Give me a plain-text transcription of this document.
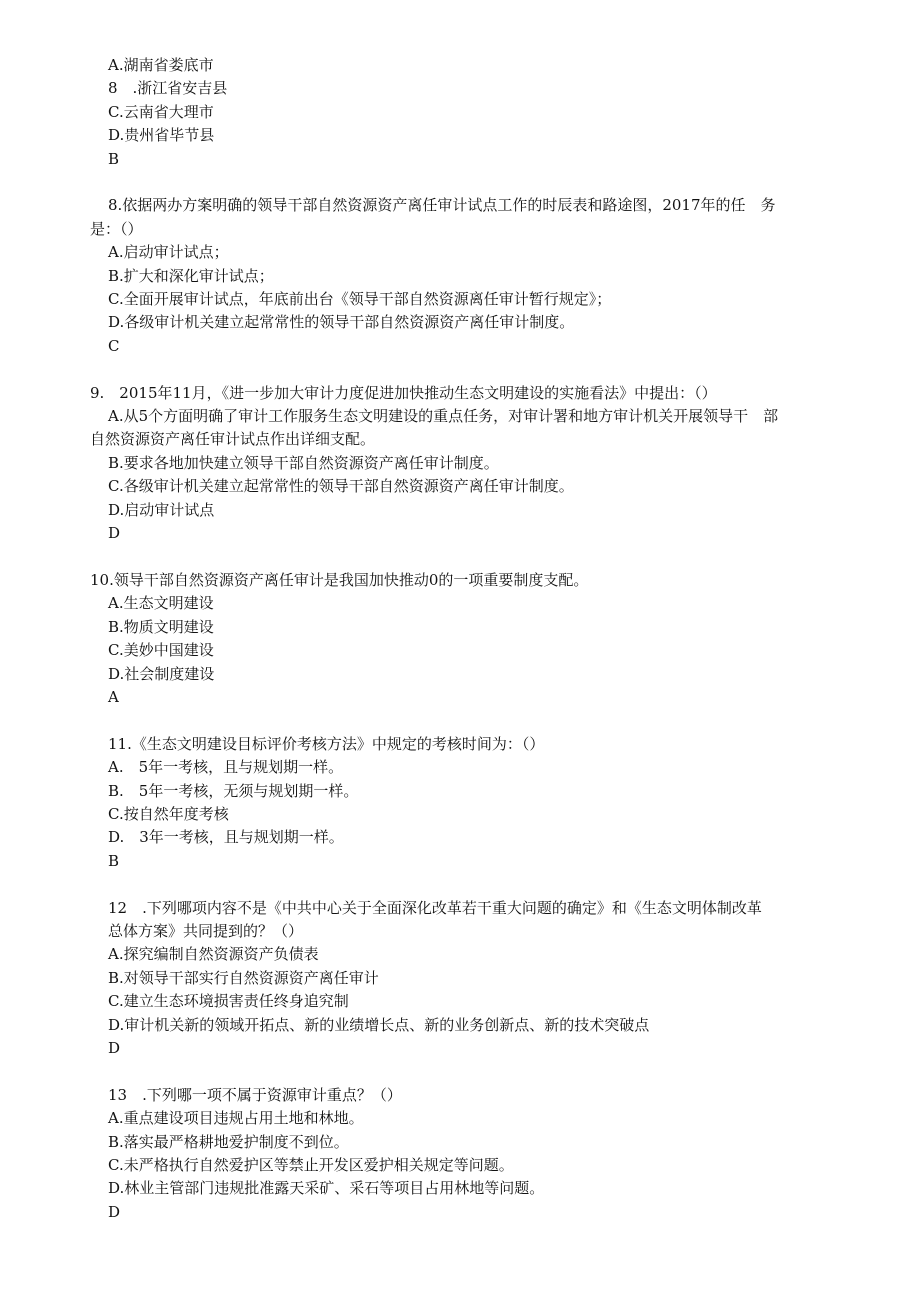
A.湖南省娄底市
8　.浙江省安吉县
C.云南省大理市
D.贵州省毕节县
B
8.依据两办方案明确的领导干部自然资源资产离任审计试点工作的时辰表和路途图，2017年的任　务
是：（）
A.启动审计试点；
B.扩大和深化审计试点；
C.全面开展审计试点，年底前出台《领导干部自然资源离任审计暂行规定》；
D.各级审计机关建立起常常性的领导干部自然资源资产离任审计制度。
C
9.　2015年11月，《进一步加大审计力度促进加快推动生态文明建设的实施看法》中提出：（）
A.从5个方面明确了审计工作服务生态文明建设的重点任务，对审计署和地方审计机关开展领导干　部
自然资源资产离任审计试点作出详细支配。
B.要求各地加快建立领导干部自然资源资产离任审计制度。
C.各级审计机关建立起常常性的领导干部自然资源资产离任审计制度。
D.启动审计试点
D
10.领导干部自然资源资产离任审计是我国加快推动0的一项重要制度支配。
A.生态文明建设
B.物质文明建设
C.美妙中国建设
D.社会制度建设
A
11.《生态文明建设目标评价考核方法》中规定的考核时间为：（）
A.　5年一考核，且与规划期一样。
B.　5年一考核，无须与规划期一样。
C.按自然年度考核
D.　3年一考核，且与规划期一样。
B
12　.下列哪项内容不是《中共中心关于全面深化改革若干重大问题的确定》和《生态文明体制改革
总体方案》共同提到的？（）
A.探究编制自然资源资产负债表
B.对领导干部实行自然资源资产离任审计
C.建立生态环境损害责任终身追究制
D.审计机关新的领域开拓点、新的业绩增长点、新的业务创新点、新的技术突破点
D
13　.下列哪一项不属于资源审计重点？（）
A.重点建设项目违规占用土地和林地。
B.落实最严格耕地爱护制度不到位。
C.未严格执行自然爱护区等禁止开发区爱护相关规定等问题。
D.林业主管部门违规批准露天采矿、采石等项目占用林地等问题。
D
